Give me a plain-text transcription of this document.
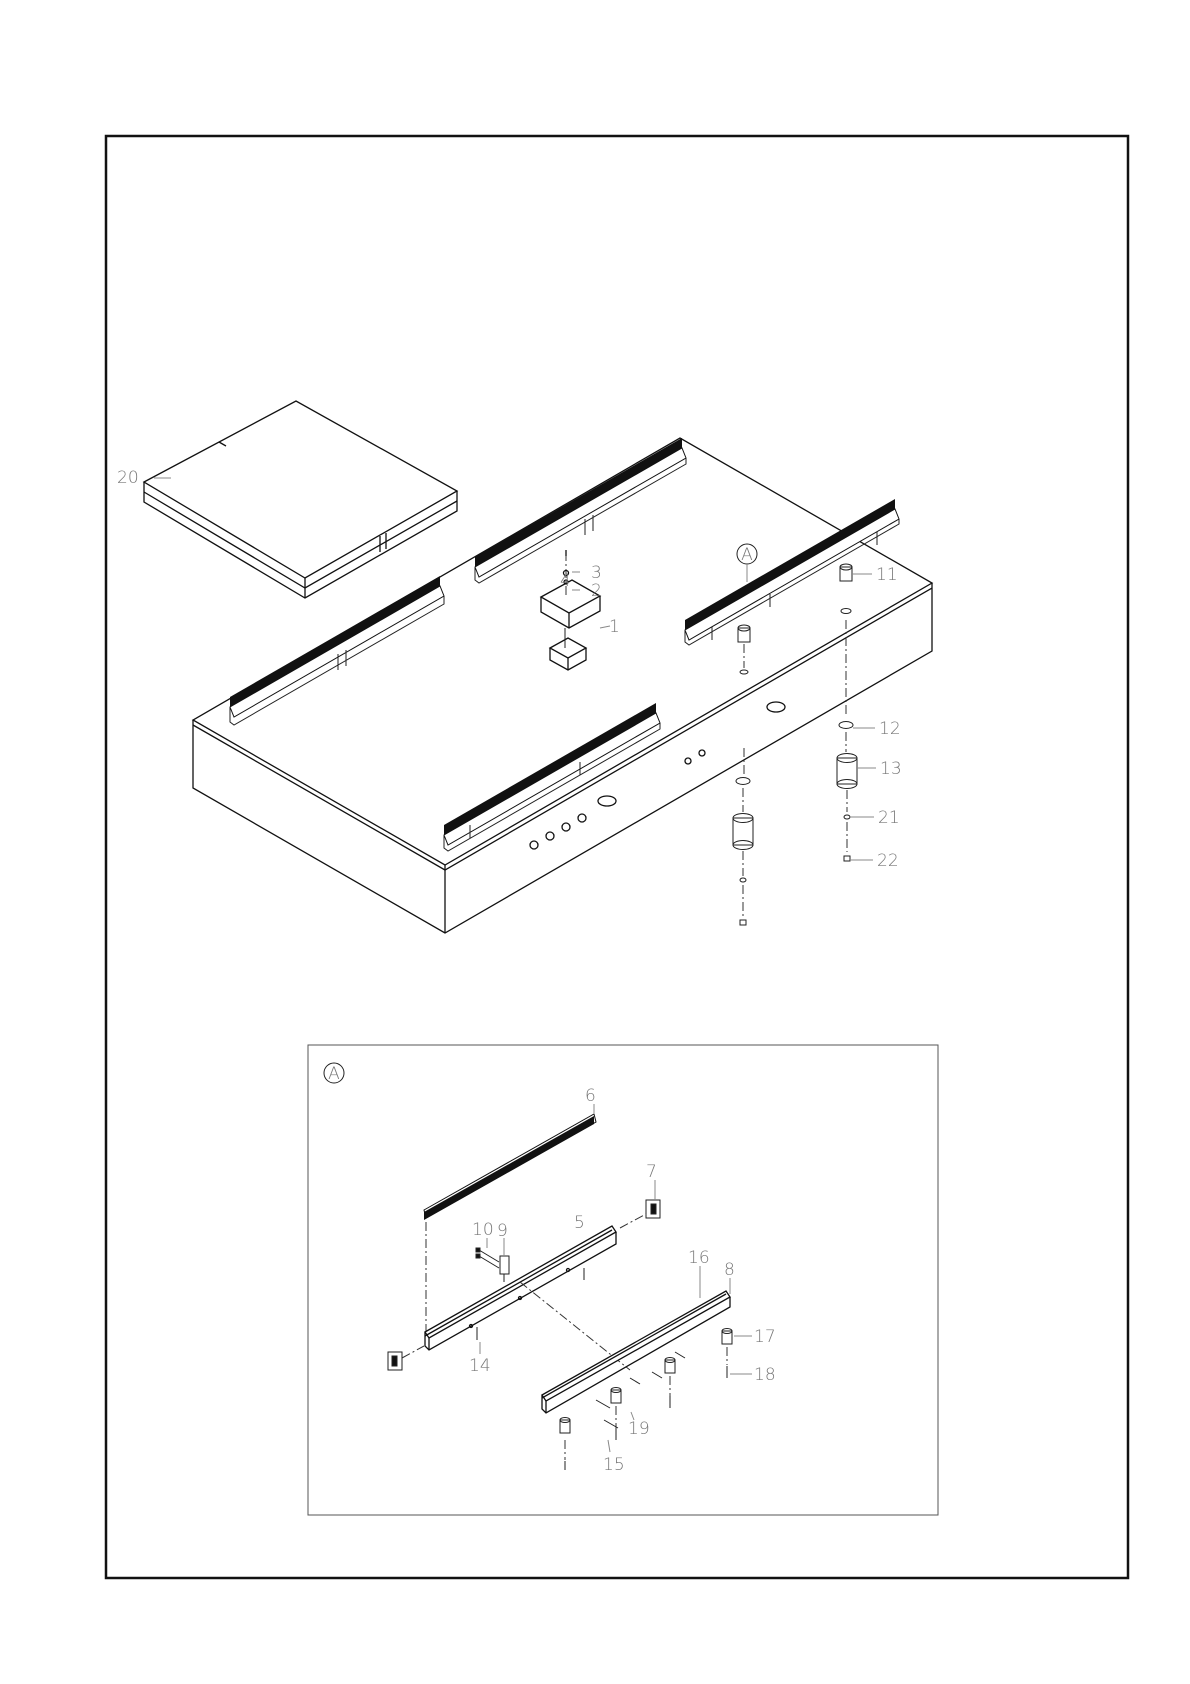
A
20
4 3
2
1
11
12
13
21
22
A
6
7
10 9	5
16
8
17
14	18
19
15
